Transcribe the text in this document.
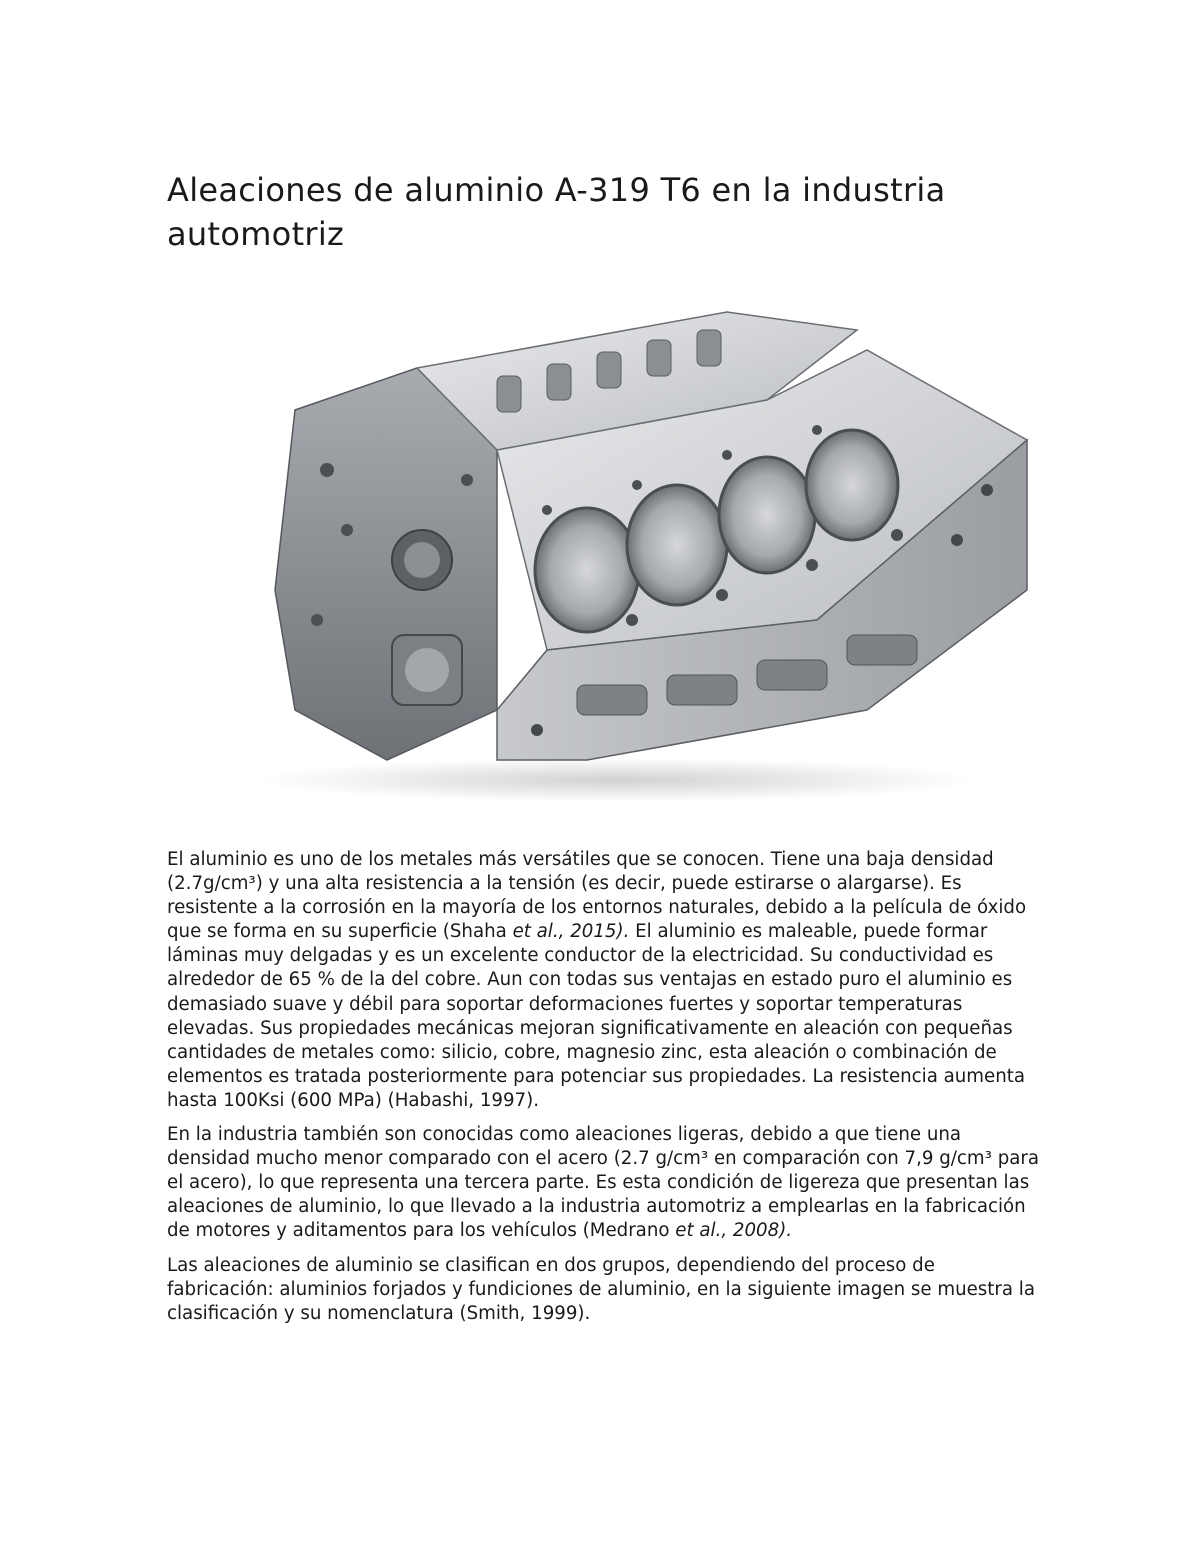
Aleaciones de aluminio A-319 T6 en la industria automotriz

El aluminio es uno de los metales más versátiles que se conocen. Tiene una baja densidad (2.7g/cm³) y una alta resistencia a la tensión (es decir, puede estirarse o alargarse). Es resistente a la corrosión en la mayoría de los entornos naturales, debido a la película de óxido que se forma en su superficie (Shaha et al., 2015). El aluminio es maleable, puede formar láminas muy delgadas y es un excelente conductor de la electricidad. Su conductividad es alrededor de 65 % de la del cobre. Aun con todas sus ventajas en estado puro el aluminio es demasiado suave y débil para soportar deformaciones fuertes y soportar temperaturas elevadas. Sus propiedades mecánicas mejoran significativamente en aleación con pequeñas cantidades de metales como: silicio, cobre, magnesio zinc, esta aleación o combinación de elementos es tratada posteriormente para potenciar sus propiedades. La resistencia aumenta hasta 100Ksi (600 MPa) (Habashi, 1997).

En la industria también son conocidas como aleaciones ligeras, debido a que tiene una densidad mucho menor comparado con el acero (2.7 g/cm³ en comparación con 7,9 g/cm³ para el acero), lo que representa una tercera parte. Es esta condición de ligereza que presentan las aleaciones de aluminio, lo que llevado a la industria automotriz a emplearlas en la fabricación de motores y aditamentos para los vehículos (Medrano et al., 2008).

Las aleaciones de aluminio se clasifican en dos grupos, dependiendo del proceso de fabricación: aluminios forjados y fundiciones de aluminio, en la siguiente imagen se muestra la clasificación y su nomenclatura (Smith, 1999).
